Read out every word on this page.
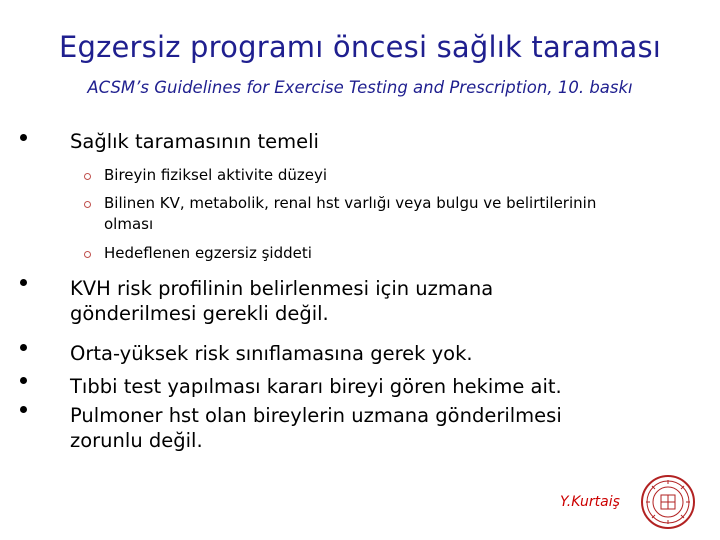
Egzersiz programı öncesi sağlık taraması
ACSM’s Guidelines for Exercise Testing and Prescription, 10. baskı
Sağlık taramasının temeli
Bireyin fiziksel aktivite düzeyi
Bilinen KV, metabolik, renal hst varlığı veya bulgu ve belirtilerinin olması
Hedeflenen egzersiz şiddeti
KVH risk profilinin belirlenmesi için uzmana gönderilmesi gerekli değil.
Orta-yüksek risk sınıflamasına gerek yok.
Tıbbi test yapılması kararı bireyi gören hekime ait.
Pulmoner hst olan bireylerin uzmana gönderilmesi zorunlu değil.
Y.Kurtaiş
